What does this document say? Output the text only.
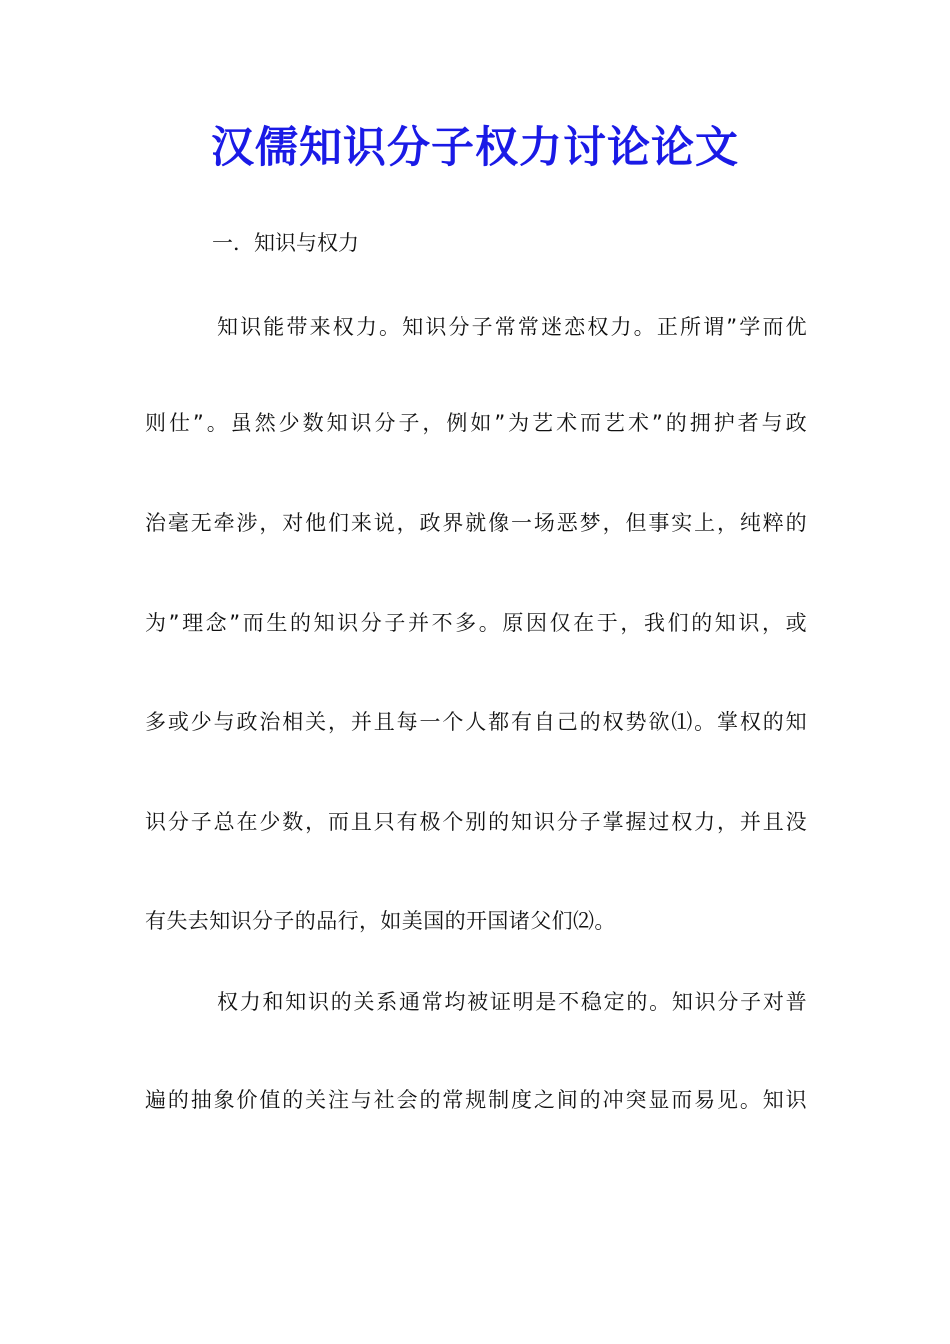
汉儒知识分子权力讨论论文
一．知识与权力
知识能带来权力。知识分子常常迷恋权力。正所谓”学而优
则仕”。虽然少数知识分子，例如”为艺术而艺术”的拥护者与政
治毫无牵涉，对他们来说，政界就像一场恶梦，但事实上，纯粹的
为”理念”而生的知识分子并不多。原因仅在于，我们的知识，或
多或少与政治相关，并且每一个人都有自己的权势欲⑴。掌权的知
识分子总在少数，而且只有极个别的知识分子掌握过权力，并且没
有失去知识分子的品行，如美国的开国诸父们⑵。
权力和知识的关系通常均被证明是不稳定的。知识分子对普
遍的抽象价值的关注与社会的常规制度之间的冲突显而易见。知识
